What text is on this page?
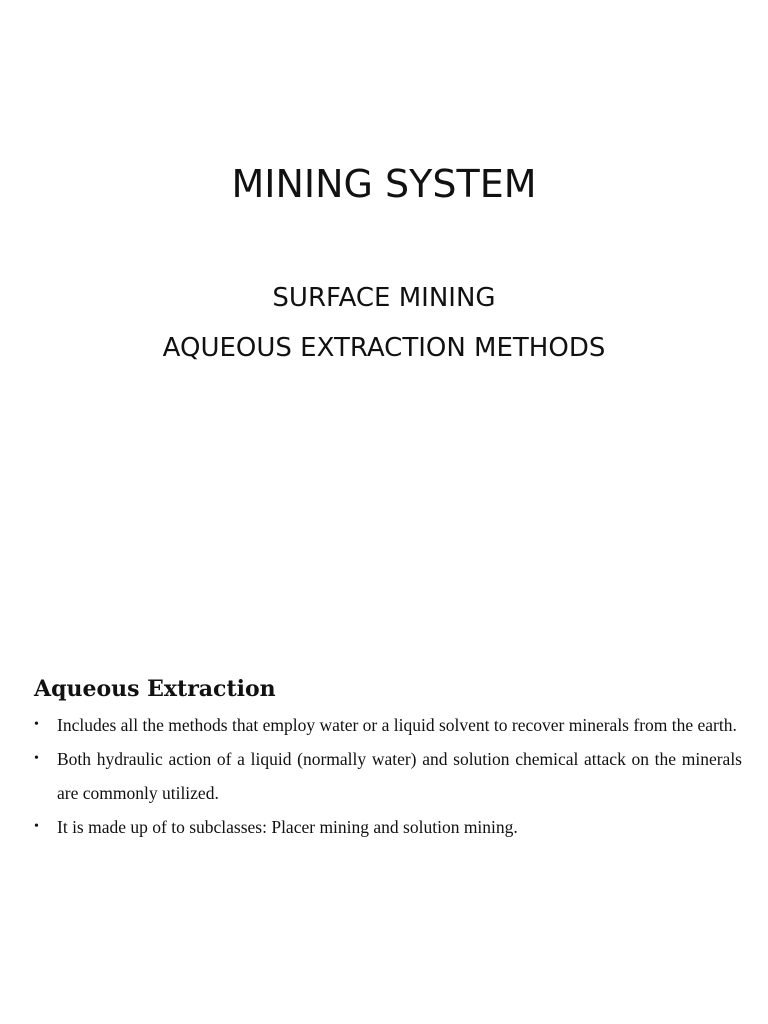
MINING SYSTEM
SURFACE MINING
AQUEOUS EXTRACTION METHODS
Aqueous Extraction
• Includes all the methods that employ water or a liquid solvent to recover minerals from the earth.
• Both hydraulic action of a liquid (normally water) and solution chemical attack on the minerals are commonly utilized.
• It is made up of to subclasses: Placer mining and solution mining.
